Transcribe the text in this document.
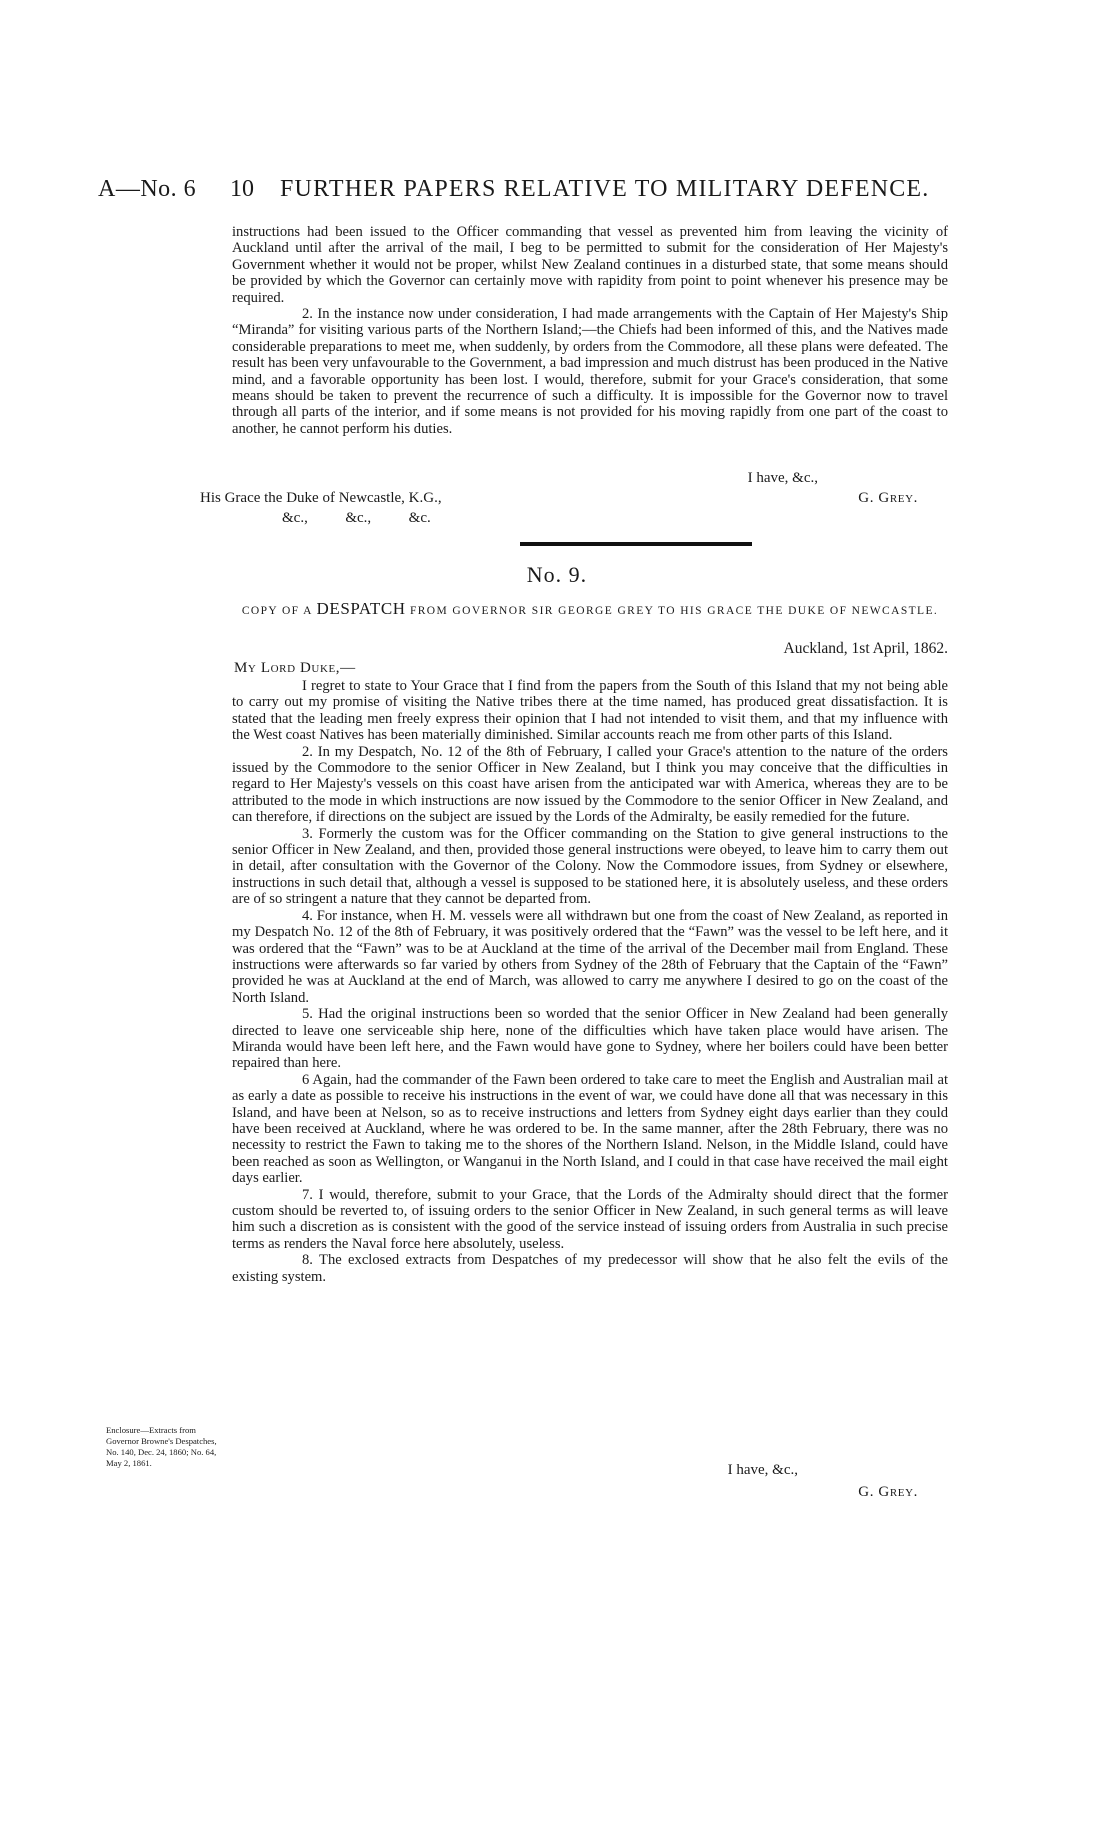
A—No. 6 10 FURTHER PAPERS RELATIVE TO MILITARY DEFENCE.

instructions had been issued to the Officer commanding that vessel as prevented him from leaving the vicinity of Auckland until after the arrival of the mail, I beg to be permitted to submit for the consideration of Her Majesty's Government whether it would not be proper, whilst New Zealand continues in a disturbed state, that some means should be provided by which the Governor can certainly move with rapidity from point to point whenever his presence may be required.

2. In the instance now under consideration, I had made arrangements with the Captain of Her Majesty's Ship “Miranda” for visiting various parts of the Northern Island;—the Chiefs had been informed of this, and the Natives made considerable preparations to meet me, when suddenly, by orders from the Commodore, all these plans were defeated. The result has been very unfavourable to the Government, a bad impression and much distrust has been produced in the Native mind, and a favorable opportunity has been lost. I would, therefore, submit for your Grace's consideration, that some means should be taken to prevent the recurrence of such a difficulty. It is impossible for the Governor now to travel through all parts of the interior, and if some means is not provided for his moving rapidly from one part of the coast to another, he cannot perform his duties.

I have, &c.,
His Grace the Duke of Newcastle, K.G.,	G. Grey.
&c.,          &c.,          &c.
No. 9.
COPY OF A DESPATCH FROM GOVERNOR SIR GEORGE GREY TO HIS GRACE THE DUKE OF NEWCASTLE.
Auckland, 1st April, 1862.
My Lord Duke,—

I regret to state to Your Grace that I find from the papers from the South of this Island that my not being able to carry out my promise of visiting the Native tribes there at the time named, has produced great dissatisfaction. It is stated that the leading men freely express their opinion that I had not intended to visit them, and that my influence with the West coast Natives has been materially diminished. Similar accounts reach me from other parts of this Island.

2. In my Despatch, No. 12 of the 8th of February, I called your Grace's attention to the nature of the orders issued by the Commodore to the senior Officer in New Zealand, but I think you may conceive that the difficulties in regard to Her Majesty's vessels on this coast have arisen from the anticipated war with America, whereas they are to be attributed to the mode in which instructions are now issued by the Commodore to the senior Officer in New Zealand, and can therefore, if directions on the subject are issued by the Lords of the Admiralty, be easily remedied for the future.

3. Formerly the custom was for the Officer commanding on the Station to give general instructions to the senior Officer in New Zealand, and then, provided those general instructions were obeyed, to leave him to carry them out in detail, after consultation with the Governor of the Colony. Now the Commodore issues, from Sydney or elsewhere, instructions in such detail that, although a vessel is supposed to be stationed here, it is absolutely useless, and these orders are of so stringent a nature that they cannot be departed from.

4. For instance, when H. M. vessels were all withdrawn but one from the coast of New Zealand, as reported in my Despatch No. 12 of the 8th of February, it was positively ordered that the “Fawn” was the vessel to be left here, and it was ordered that the “Fawn” was to be at Auckland at the time of the arrival of the December mail from England. These instructions were afterwards so far varied by others from Sydney of the 28th of February that the Captain of the “Fawn” provided he was at Auckland at the end of March, was allowed to carry me anywhere I desired to go on the coast of the North Island.

5. Had the original instructions been so worded that the senior Officer in New Zealand had been generally directed to leave one serviceable ship here, none of the difficulties which have taken place would have arisen. The Miranda would have been left here, and the Fawn would have gone to Sydney, where her boilers could have been better repaired than here.

6 Again, had the commander of the Fawn been ordered to take care to meet the English and Australian mail at as early a date as possible to receive his instructions in the event of war, we could have done all that was necessary in this Island, and have been at Nelson, so as to receive instructions and letters from Sydney eight days earlier than they could have been received at Auckland, where he was ordered to be. In the same manner, after the 28th February, there was no necessity to restrict the Fawn to taking me to the shores of the Northern Island. Nelson, in the Middle Island, could have been reached as soon as Wellington, or Wanganui in the North Island, and I could in that case have received the mail eight days earlier.

7. I would, therefore, submit to your Grace, that the Lords of the Admiralty should direct that the former custom should be reverted to, of issuing orders to the senior Officer in New Zealand, in such general terms as will leave him such a discretion as is consistent with the good of the service instead of issuing orders from Australia in such precise terms as renders the Naval force here absolutely, useless.

8. The exclosed extracts from Despatches of my predecessor will show that he also felt the evils of the existing system.

Enclosure—Extracts from Governor Browne's Despatches, No. 140, Dec. 24, 1860; No. 64, May 2, 1861.	I have, &c.,
G. Grey.
